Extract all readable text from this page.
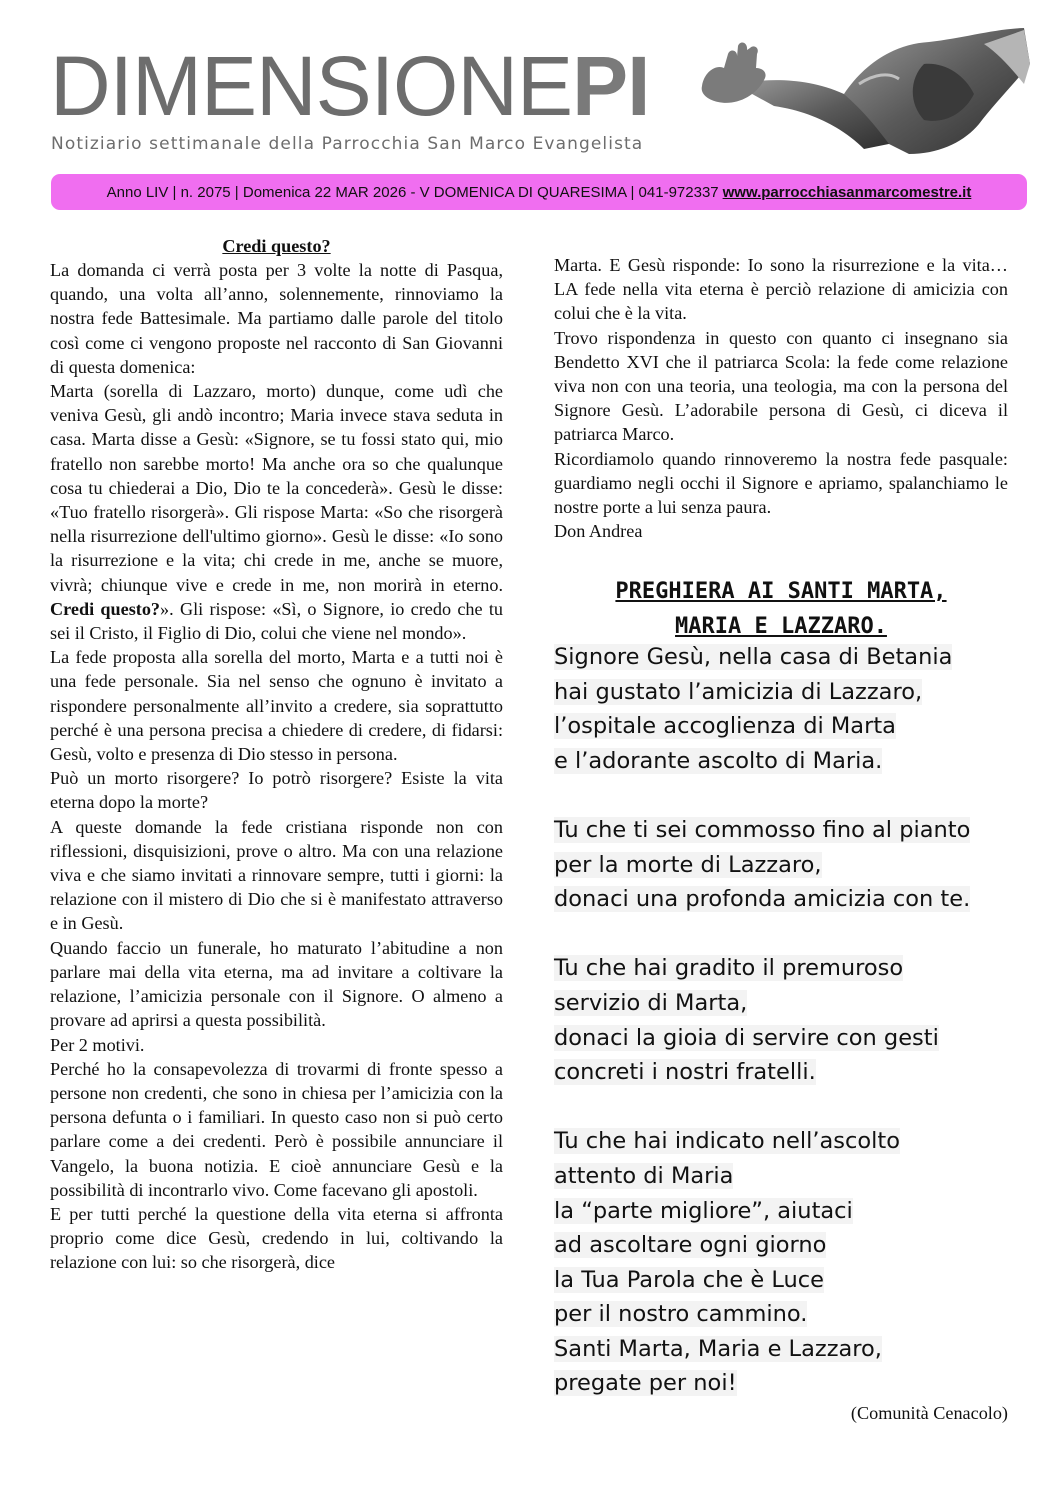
DIMENSIONEPI
Notiziario settimanale della Parrocchia San Marco Evangelista
Anno LIV | n. 2075 | Domenica 22 MAR 2026 - V DOMENICA DI QUARESIMA | 041-972337 www.parrocchiasanmarcomestre.it

Credi questo?

La domanda ci verrà posta per 3 volte la notte di Pasqua, quando, una volta all’anno, solennemente, rinnoviamo la nostra fede Battesimale. Ma partiamo dalle parole del titolo così come ci vengono proposte nel racconto di San Giovanni di questa domenica:

Marta (sorella di Lazzaro, morto) dunque, come udì che veniva Gesù, gli andò incontro; Maria invece stava seduta in casa. Marta disse a Gesù: «Signore, se tu fossi stato qui, mio fratello non sarebbe morto! Ma anche ora so che qualunque cosa tu chiederai a Dio, Dio te la concederà». Gesù le disse: «Tuo fratello risorgerà». Gli rispose Marta: «So che risorgerà nella risurrezione dell'ultimo giorno». Gesù le disse: «Io sono la risurrezione e la vita; chi crede in me, anche se muore, vivrà; chiunque vive e crede in me, non morirà in eterno. Credi questo?». Gli rispose: «Sì, o Signore, io credo che tu sei il Cristo, il Figlio di Dio, colui che viene nel mondo».

La fede proposta alla sorella del morto, Marta e a tutti noi è una fede personale. Sia nel senso che ognuno è invitato a rispondere personalmente all’invito a credere, sia soprattutto perché è una persona precisa a chiedere di credere, di fidarsi: Gesù, volto e presenza di Dio stesso in persona.

Può un morto risorgere? Io potrò risorgere? Esiste la vita eterna dopo la morte?

A queste domande la fede cristiana risponde non con riflessioni, disquisizioni, prove o altro. Ma con una relazione viva e che siamo invitati a rinnovare sempre, tutti i giorni: la relazione con il mistero di Dio che si è manifestato attraverso e in Gesù.

Quando faccio un funerale, ho maturato l’abitudine a non parlare mai della vita eterna, ma ad invitare a coltivare la relazione, l’amicizia personale con il Signore. O almeno a provare ad aprirsi a questa possibilità.

Per 2 motivi.

Perché ho la consapevolezza di trovarmi di fronte spesso a persone non credenti, che sono in chiesa per l’amicizia con la persona defunta o i familiari. In questo caso non si può certo parlare come a dei credenti. Però è possibile annunciare il Vangelo, la buona notizia. E cioè annunciare Gesù e la possibilità di incontrarlo vivo. Come facevano gli apostoli.

E per tutti perché la questione della vita eterna si affronta proprio come dice Gesù, credendo in lui, coltivando la relazione con lui: so che risorgerà, dice

Marta. E Gesù risponde: Io sono la risurrezione e la vita… LA fede nella vita eterna è perciò relazione di amicizia con colui che è la vita.

Trovo rispondenza in questo con quanto ci insegnano sia Bendetto XVI che il patriarca Scola: la fede come relazione viva non con una teoria, una teologia, ma con la persona del Signore Gesù. L’adorabile persona di Gesù, ci diceva il patriarca Marco.

Ricordiamolo quando rinnoveremo la nostra fede pasquale: guardiamo negli occhi il Signore e apriamo, spalanchiamo le nostre porte a lui senza paura.

Don Andrea

PREGHIERA AI SANTI MARTA,
MARIA E LAZZARO.
Signore Gesù, nella casa di Betania
hai gustato l’amicizia di Lazzaro,
l’ospitale accoglienza di Marta
e l’adorante ascolto di Maria.
Tu che ti sei commosso fino al pianto
per la morte di Lazzaro,
donaci una profonda amicizia con te.
Tu che hai gradito il premuroso
servizio di Marta,
donaci la gioia di servire con gesti
concreti i nostri fratelli.
Tu che hai indicato nell’ascolto
attento di Maria
la “parte migliore”, aiutaci
ad ascoltare ogni giorno
la Tua Parola che è Luce
per il nostro cammino.
Santi Marta, Maria e Lazzaro,
pregate per noi!
(Comunità Cenacolo)
